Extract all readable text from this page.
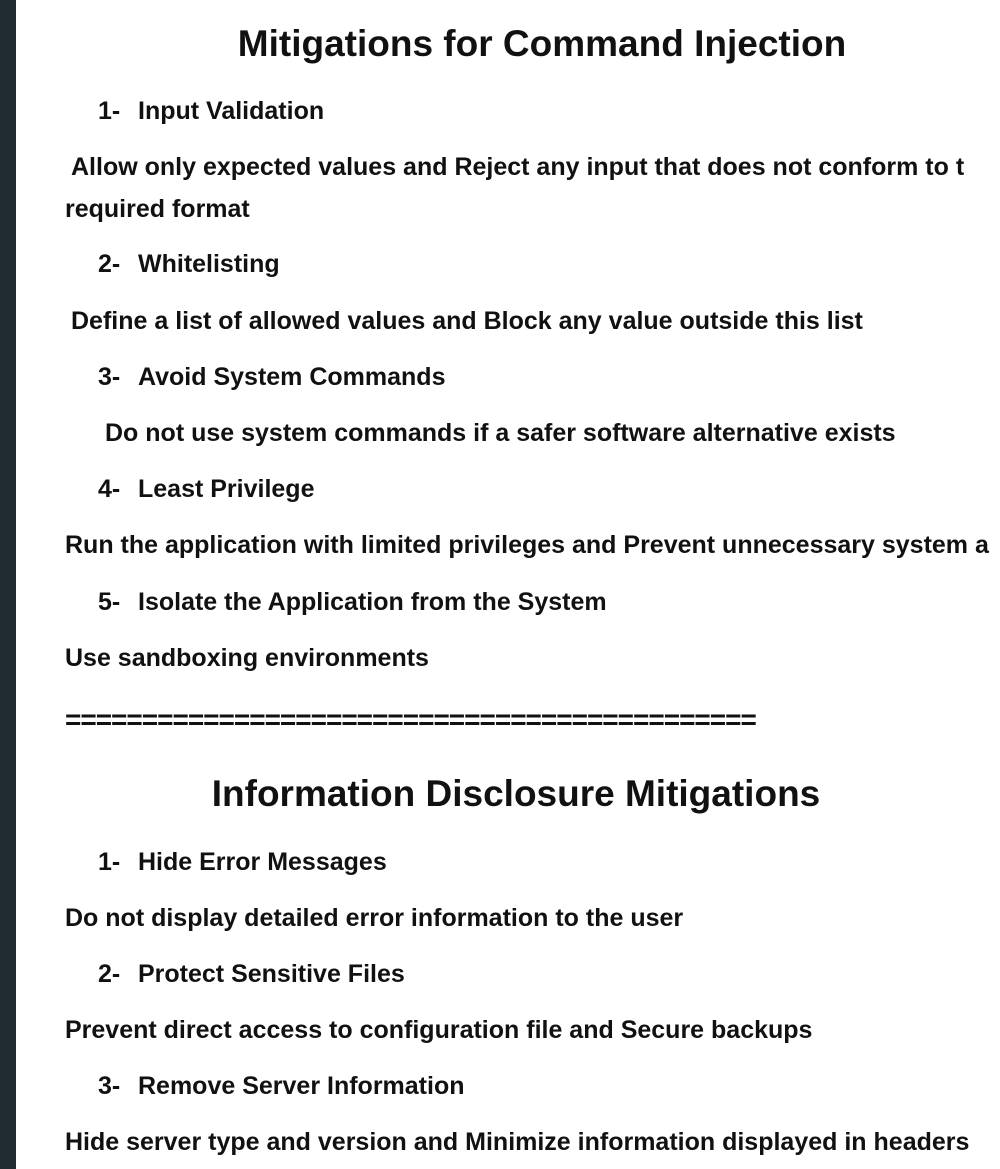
Mitigations for Command Injection
1- Input Validation
Allow only expected values and Reject any input that does not conform to t
required format
2- Whitelisting
Define a list of allowed values and Block any value outside this list
3- Avoid System Commands
Do not use system commands if a safer software alternative exists
4- Least Privilege
Run the application with limited privileges and Prevent unnecessary system a
5- Isolate the Application from the System
Use sandboxing environments
=============================================
Information Disclosure Mitigations
1- Hide Error Messages
Do not display detailed error information to the user
2- Protect Sensitive Files
Prevent direct access to configuration file and Secure backups
3- Remove Server Information
Hide server type and version and Minimize information displayed in headers
